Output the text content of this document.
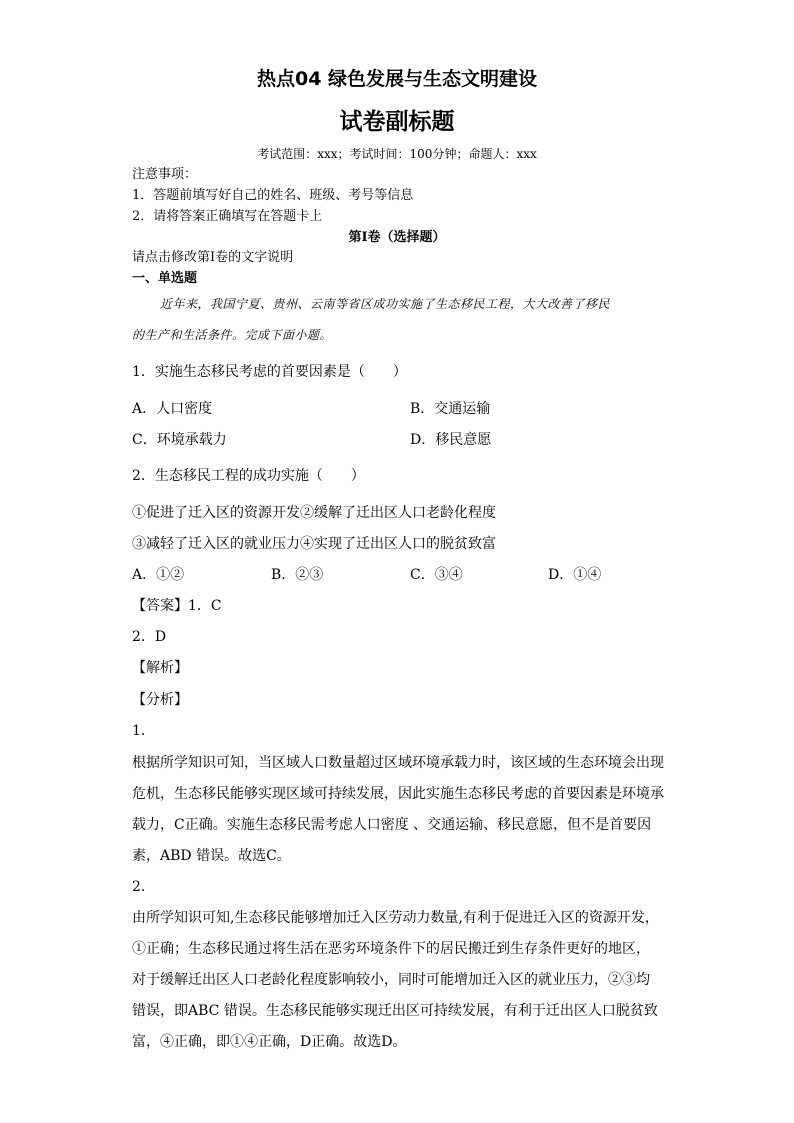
热点04 绿色发展与生态文明建设
试卷副标题
考试范围：xxx；考试时间：100分钟；命题人：xxx
注意事项：
1．答题前填写好自己的姓名、班级、考号等信息
2．请将答案正确填写在答题卡上
第I卷（选择题）
请点击修改第I卷的文字说明
一、单选题
近年来，我国宁夏、贵州、云南等省区成功实施了生态移民工程，大大改善了移民
的生产和生活条件。完成下面小题。
1．实施生态移民考虑的首要因素是（　　）
A．人口密度	B．交通运输
C．环境承载力	D．移民意愿
2．生态移民工程的成功实施（　　）
①促进了迁入区的资源开发②缓解了迁出区人口老龄化程度
③减轻了迁入区的就业压力④实现了迁出区人口的脱贫致富
A．①②	B．②③	C．③④	D．①④
【答案】1．C
2．D
【解析】
【分析】
1．
根据所学知识可知，当区域人口数量超过区域环境承载力时，该区域的生态环境会出现
危机，生态移民能够实现区域可持续发展，因此实施生态移民考虑的首要因素是环境承
载力，C正确。实施生态移民需考虑人口密度 、交通运输、移民意愿，但不是首要因
素，ABD 错误。故选C。
2．
由所学知识可知,生态移民能够增加迁入区劳动力数量,有利于促进迁入区的资源开发，
①正确；生态移民通过将生活在恶劣环境条件下的居民搬迁到生存条件更好的地区，
对于缓解迁出区人口老龄化程度影响较小，同时可能增加迁入区的就业压力，②③均
错误，即ABC 错误。生态移民能够实现迁出区可持续发展，有利于迁出区人口脱贫致
富，④正确，即①④正确，D正确。故选D。
